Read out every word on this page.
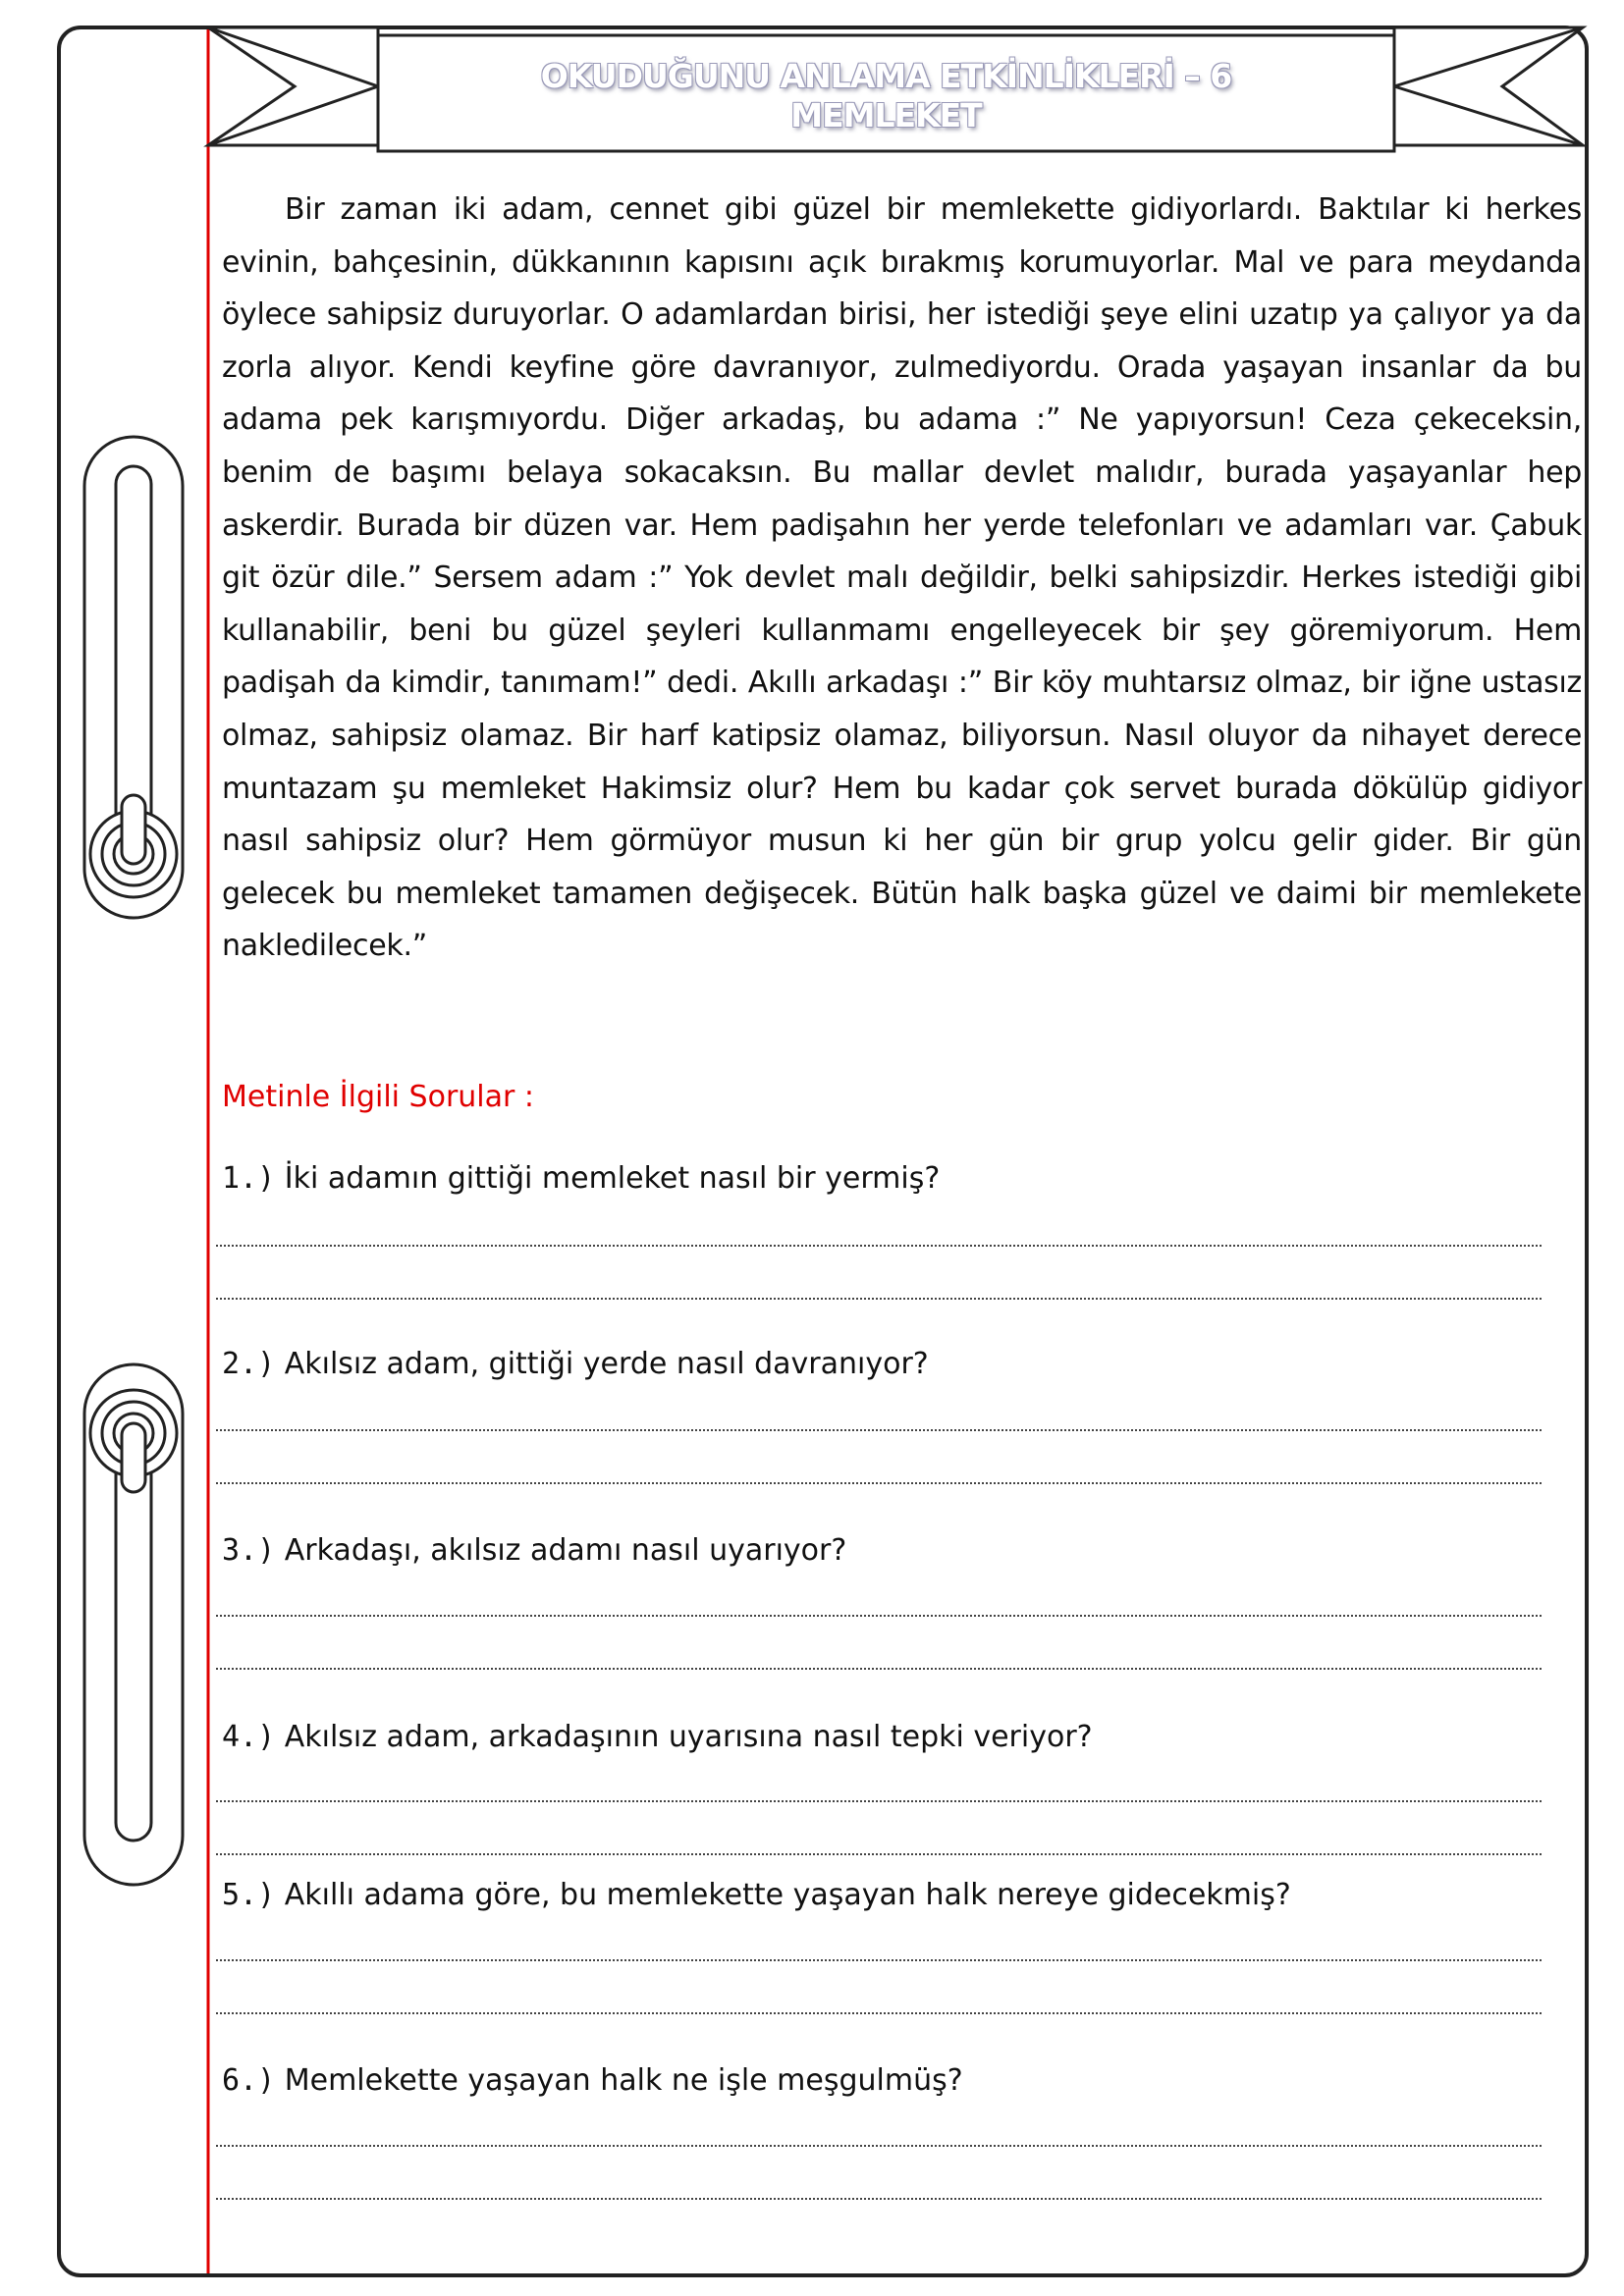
OKUDUĞUNU ANLAMA ETKİNLİKLERİ – 6
MEMLEKET
Bir zaman iki adam, cennet gibi güzel bir memlekette gidiyorlardı. Baktılar ki herkes evinin, bahçesinin, dükkanının kapısını açık bırakmış korumuyorlar. Mal ve para meydanda öylece sahipsiz duruyorlar. O adamlardan birisi, her istediği şeye elini uzatıp ya çalıyor ya da zorla alıyor. Kendi keyfine göre davranıyor, zulmediyordu. Orada yaşayan insanlar da bu adama pek karışmıyordu. Diğer arkadaş, bu adama :” Ne yapıyorsun! Ceza çekeceksin, benim de başımı belaya sokacaksın. Bu mallar devlet malıdır, burada yaşayanlar hep askerdir. Burada bir düzen var. Hem padişahın her yerde telefonları ve adamları var. Çabuk git özür dile.” Sersem adam :” Yok devlet malı değildir, belki sahipsizdir. Herkes istediği gibi kullanabilir, beni bu güzel şeyleri kullanmamı engelleyecek bir şey göremiyorum. Hem padişah da kimdir, tanımam!” dedi. Akıllı arkadaşı :” Bir köy muhtarsız olmaz, bir iğne ustasız olmaz, sahipsiz olamaz. Bir harf katipsiz olamaz, biliyorsun. Nasıl oluyor da nihayet derece muntazam şu memleket Hakimsiz olur? Hem bu kadar çok servet burada dökülüp gidiyor nasıl sahipsiz olur? Hem görmüyor musun ki her gün bir grup yolcu gelir gider. Bir gün gelecek bu memleket tamamen değişecek. Bütün halk başka güzel ve daimi bir memlekete nakledilecek.”
Metinle İlgili Sorular :
1.) İki adamın gittiği memleket nasıl bir yermiş?
2.) Akılsız adam, gittiği yerde nasıl davranıyor?
3.) Arkadaşı, akılsız adamı nasıl uyarıyor?
4.) Akılsız adam, arkadaşının uyarısına nasıl tepki veriyor?
5.) Akıllı adama göre, bu memlekette yaşayan halk nereye gidecekmiş?
6.) Memlekette yaşayan halk ne işle meşgulmüş?
